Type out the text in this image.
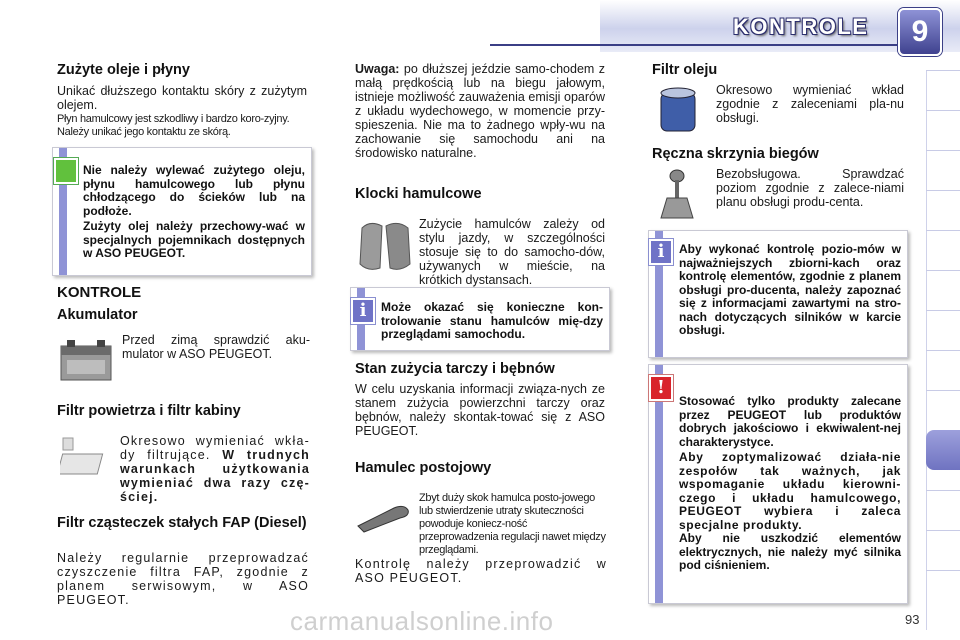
KONTROLE	9
Zużyte oleje i płyny
Unikać dłuższego kontaktu skóry z zużytym olejem.
Płyn hamulcowy jest szkodliwy i bardzo koro-zyjny. Należy unikać jego kontaktu ze skórą.
Nie należy wylewać zużytego oleju, płynu hamulcowego lub płynu chłodzącego do ścieków lub na podłoże.
Zużyty olej należy przechowy-wać w specjalnych pojemnikach dostępnych w ASO PEUGEOT.
KONTROLE
Akumulator
Przed zimą sprawdzić aku-mulator w ASO PEUGEOT.
Filtr powietrza i filtr kabiny
Okresowo wymieniać wkła-dy filtrujące. W trudnych warunkach użytkowania wymieniać dwa razy czę-ściej.
Filtr cząsteczek stałych FAP (Diesel)
Należy regularnie przeprowadzać czyszczenie filtra FAP, zgodnie z planem serwisowym, w ASO PEUGEOT.
Uwaga: po dłuższej jeździe samo-chodem z małą prędkością lub na biegu jałowym, istnieje możliwość zauważenia emisji oparów z układu wydechowego, w momencie przy-spieszenia. Nie ma to żadnego wpły-wu na zachowanie się samochodu ani na środowisko naturalne.
Klocki hamulcowe
Zużycie hamulców zależy od stylu jazdy, w szczególności stosuje się to do samocho-dów, używanych w mieście, na krótkich dystansach.
i	Może okazać się konieczne kon-trolowanie stanu hamulców mię-dzy przeglądami samochodu.
Stan zużycia tarczy i bębnów
W celu uzyskania informacji związa-nych ze stanem zużycia powierzchni tarczy oraz bębnów, należy skontak-tować się z ASO PEUGEOT.
Hamulec postojowy
Zbyt duży skok hamulca posto-jowego lub stwierdzenie utraty skuteczności powoduje koniecz-ność przeprowadzenia regulacji nawet między przeglądami.
Kontrolę należy przeprowadzić w ASO PEUGEOT.
Filtr oleju
Okresowo wymieniać wkład zgodnie z zaleceniami pla-nu obsługi.
Ręczna skrzynia biegów
Bezobsługowa. Sprawdzać poziom zgodnie z zalece-niami planu obsługi produ-centa.
i	Aby wykonać kontrolę pozio-mów w najważniejszych zbiorni-kach oraz kontrolę elementów, zgodnie z planem obsługi pro-ducenta, należy zapoznać się z informacjami zawartymi na stro-nach dotyczących silników w karcie obsługi.
!
Stosować tylko produkty zalecane przez PEUGEOT lub produktów dobrych jakościowo i ekwiwalent-nej charakterystyce.
Aby zoptymalizować działa-nie zespołów tak ważnych, jak wspomaganie układu kierowni-czego i układu hamulcowego, PEUGEOT wybiera i zaleca specjalne produkty.
Aby nie uszkodzić elementów elektrycznych, nie należy myć silnika pod ciśnieniem.
carmanualsonline.info	93
